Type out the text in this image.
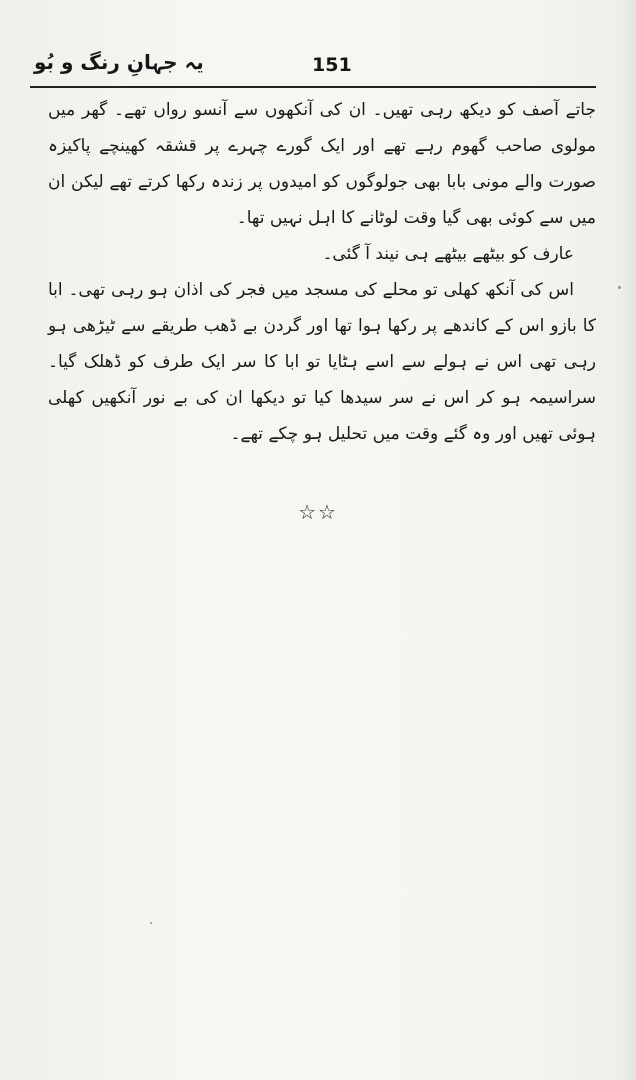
یہ جہانِ رنگ و بُو	151

جاتے آصف کو دیکھ رہی تھیں۔ ان کی آنکھوں سے آنسو رواں تھے۔ گھر میں مولوی صاحب گھوم رہے تھے اور ایک گورے چہرے پر قشقہ کھینچے پاکیزہ صورت والے مونی بابا بھی جولوگوں کو امیدوں پر زندہ رکھا کرتے تھے لیکن ان میں سے کوئی بھی گیا وقت لوٹانے کا اہل نہیں تھا۔

عارف کو بیٹھے بیٹھے ہی نیند آ گئی۔

اس کی آنکھ کھلی تو محلے کی مسجد میں فجر کی اذان ہو رہی تھی۔ ابا کا بازو اس کے کاندھے پر رکھا ہوا تھا اور گردن بے ڈھب طریقے سے ٹیڑھی ہو رہی تھی اس نے ہولے سے اسے ہٹایا تو ابا کا سر ایک طرف کو ڈھلک گیا۔ سراسیمہ ہو کر اس نے سر سیدھا کیا تو دیکھا ان کی بے نور آنکھیں کھلی ہوئی تھیں اور وہ گئے وقت میں تحلیل ہو چکے تھے۔

☆☆
